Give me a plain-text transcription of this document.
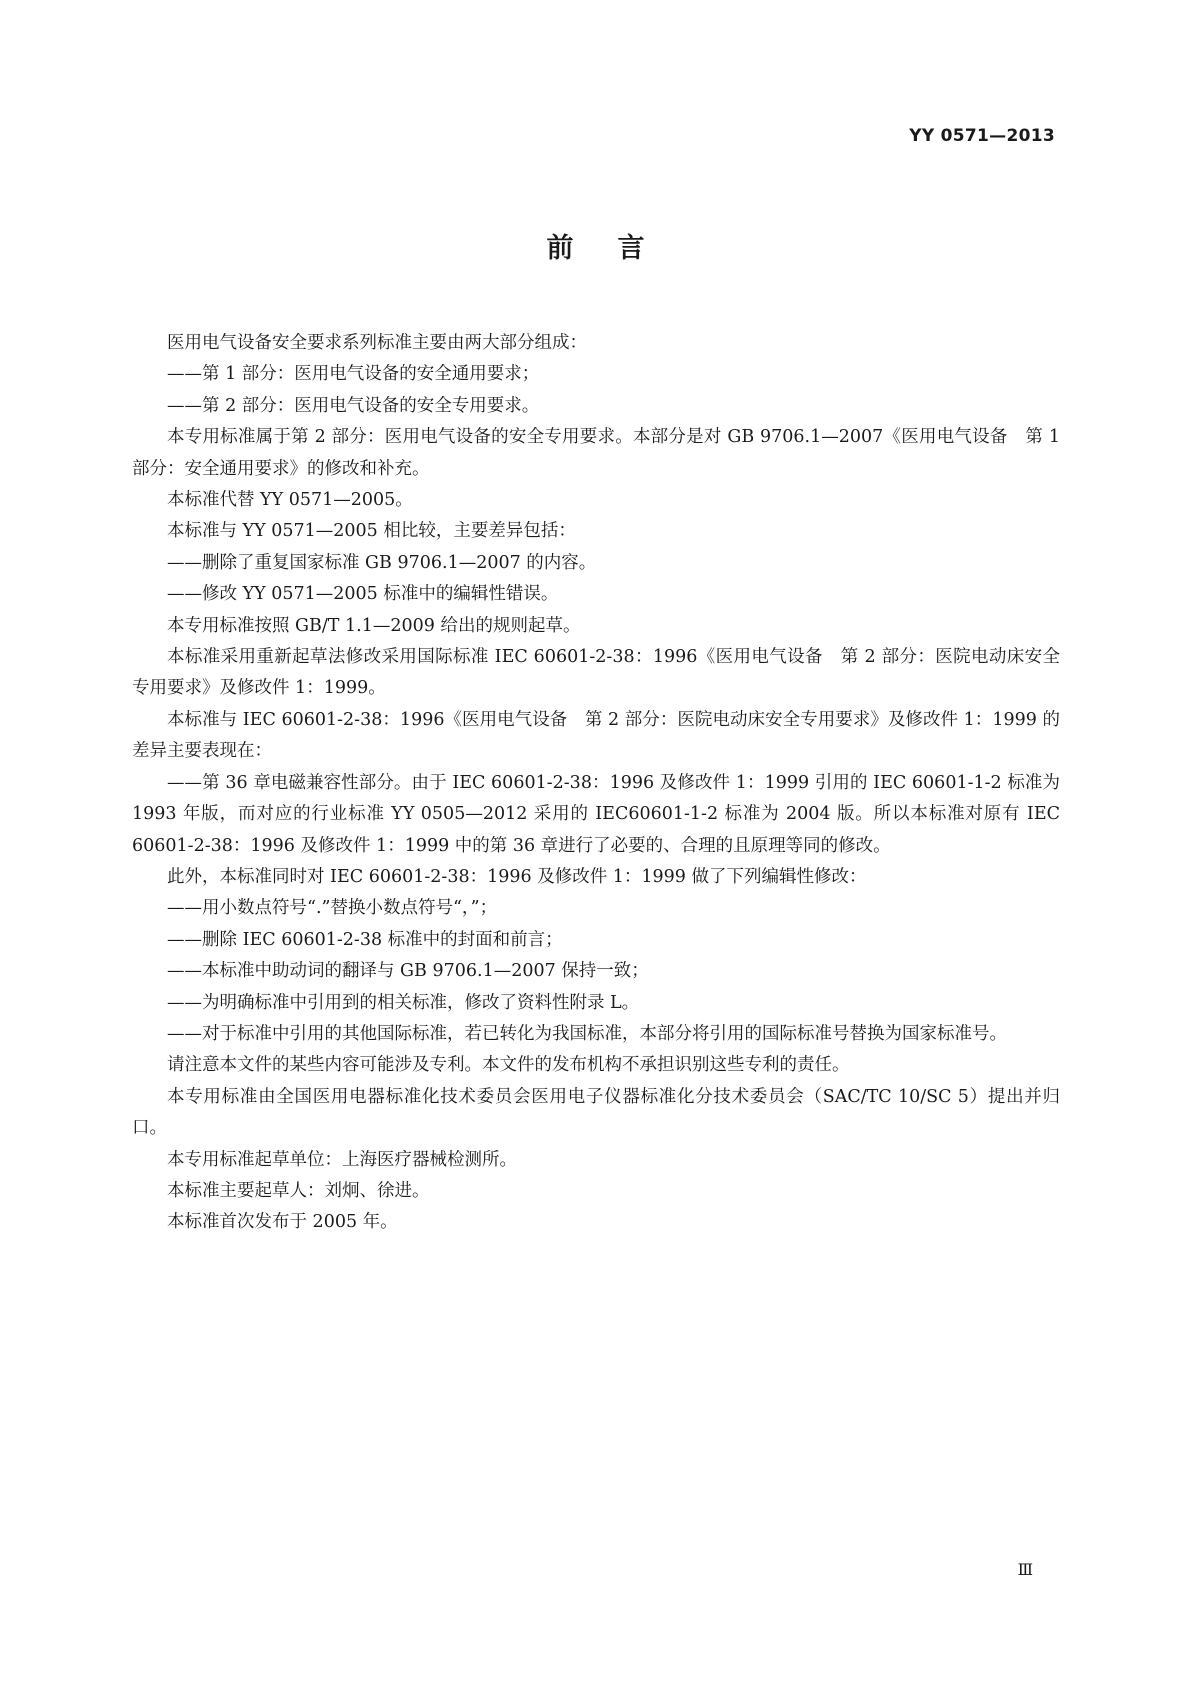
YY 0571—2013
前言

医用电气设备安全要求系列标准主要由两大部分组成：

——第 1 部分：医用电气设备的安全通用要求；

——第 2 部分：医用电气设备的安全专用要求。

本专用标准属于第 2 部分：医用电气设备的安全专用要求。本部分是对 GB 9706.1—2007《医用电气设备　第 1 部分：安全通用要求》的修改和补充。

本标准代替 YY 0571—2005。

本标准与 YY 0571—2005 相比较，主要差异包括：

——删除了重复国家标准 GB 9706.1—2007 的内容。

——修改 YY 0571—2005 标准中的编辑性错误。

本专用标准按照 GB/T 1.1—2009 给出的规则起草。

本标准采用重新起草法修改采用国际标准 IEC 60601-2-38：1996《医用电气设备　第 2 部分：医院电动床安全专用要求》及修改件 1：1999。

本标准与 IEC 60601-2-38：1996《医用电气设备　第 2 部分：医院电动床安全专用要求》及修改件 1：1999 的差异主要表现在：

——第 36 章电磁兼容性部分。由于 IEC 60601-2-38：1996 及修改件 1：1999 引用的 IEC 60601-1-2 标准为 1993 年版，而对应的行业标准 YY 0505—2012 采用的 IEC60601-1-2 标准为 2004 版。所以本标准对原有 IEC 60601-2-38：1996 及修改件 1：1999 中的第 36 章进行了必要的、合理的且原理等同的修改。

此外，本标准同时对 IEC 60601-2-38：1996 及修改件 1：1999 做了下列编辑性修改：

——用小数点符号“.”替换小数点符号“，”；

——删除 IEC 60601-2-38 标准中的封面和前言；

——本标准中助动词的翻译与 GB 9706.1—2007 保持一致；

——为明确标准中引用到的相关标准，修改了资料性附录 L。

——对于标准中引用的其他国际标准，若已转化为我国标准，本部分将引用的国际标准号替换为国家标准号。

请注意本文件的某些内容可能涉及专利。本文件的发布机构不承担识别这些专利的责任。

本专用标准由全国医用电器标准化技术委员会医用电子仪器标准化分技术委员会（SAC/TC 10/SC 5）提出并归口。

本专用标准起草单位：上海医疗器械检测所。

本标准主要起草人：刘炯、徐进。

本标准首次发布于 2005 年。

Ⅲ
